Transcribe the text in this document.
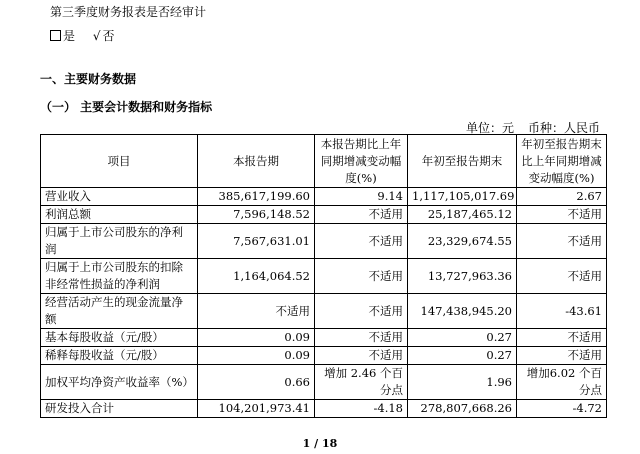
第三季度财务报表是否经审计
是 √ 否
一、主要财务数据
（一） 主要会计数据和财务指标
单位：元 币种：人民币
项目	本报告期	本报告期比上年同期增减变动幅度(%)	年初至报告期末	年初至报告期末比上年同期增减变动幅度(%)
营业收入	385,617,199.60	9.14	1,117,105,017.69	2.67
利润总额	7,596,148.52	不适用	25,187,465.12	不适用
归属于上市公司股东的净利润	7,567,631.01	不适用	23,329,674.55	不适用
归属于上市公司股东的扣除非经常性损益的净利润	1,164,064.52	不适用	13,727,963.36	不适用
经营活动产生的现金流量净额	不适用	不适用	147,438,945.20	-43.61
基本每股收益（元/股）	0.09	不适用	0.27	不适用
稀释每股收益（元/股）	0.09	不适用	0.27	不适用
加权平均净资产收益率（%）	0.66	增加 2.46 个百分点	1.96	增加6.02 个百分点
研发投入合计	104,201,973.41	-4.18	278,807,668.26	-4.72
1 / 18
